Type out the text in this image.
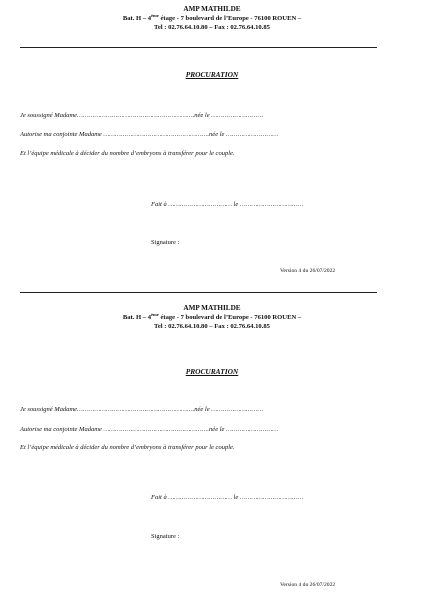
AMP MATHILDE
Bat. H – 4ème étage - 7 boulevard de l’Europe - 76100 ROUEN –
Tel : 02.76.64.10.80 – Fax : 02.76.64.10.85
PROCURATION
Je soussigné Madame…………………………………………………….née le ………………………
Autorise ma conjointe Madame ……………………………………………….née le ………………………
Et l’équipe médicale à décider du nombre d’embryons à transférer pour le couple.
Fait à …………………………… le ……………………………
Signature :
Version 4 du 26/07/2022
AMP MATHILDE
Bat. H – 4ème étage - 7 boulevard de l’Europe - 76100 ROUEN –
Tel : 02.76.64.10.80 – Fax : 02.76.64.10.85
PROCURATION
Je soussigné Madame…………………………………………………….née le ………………………
Autorise ma conjointe Madame ……………………………………………….née le ………………………
Et l’équipe médicale à décider du nombre d’embryons à transférer pour le couple.
Fait à …………………………… le ……………………………
Signature :
Version 4 du 26/07/2022
